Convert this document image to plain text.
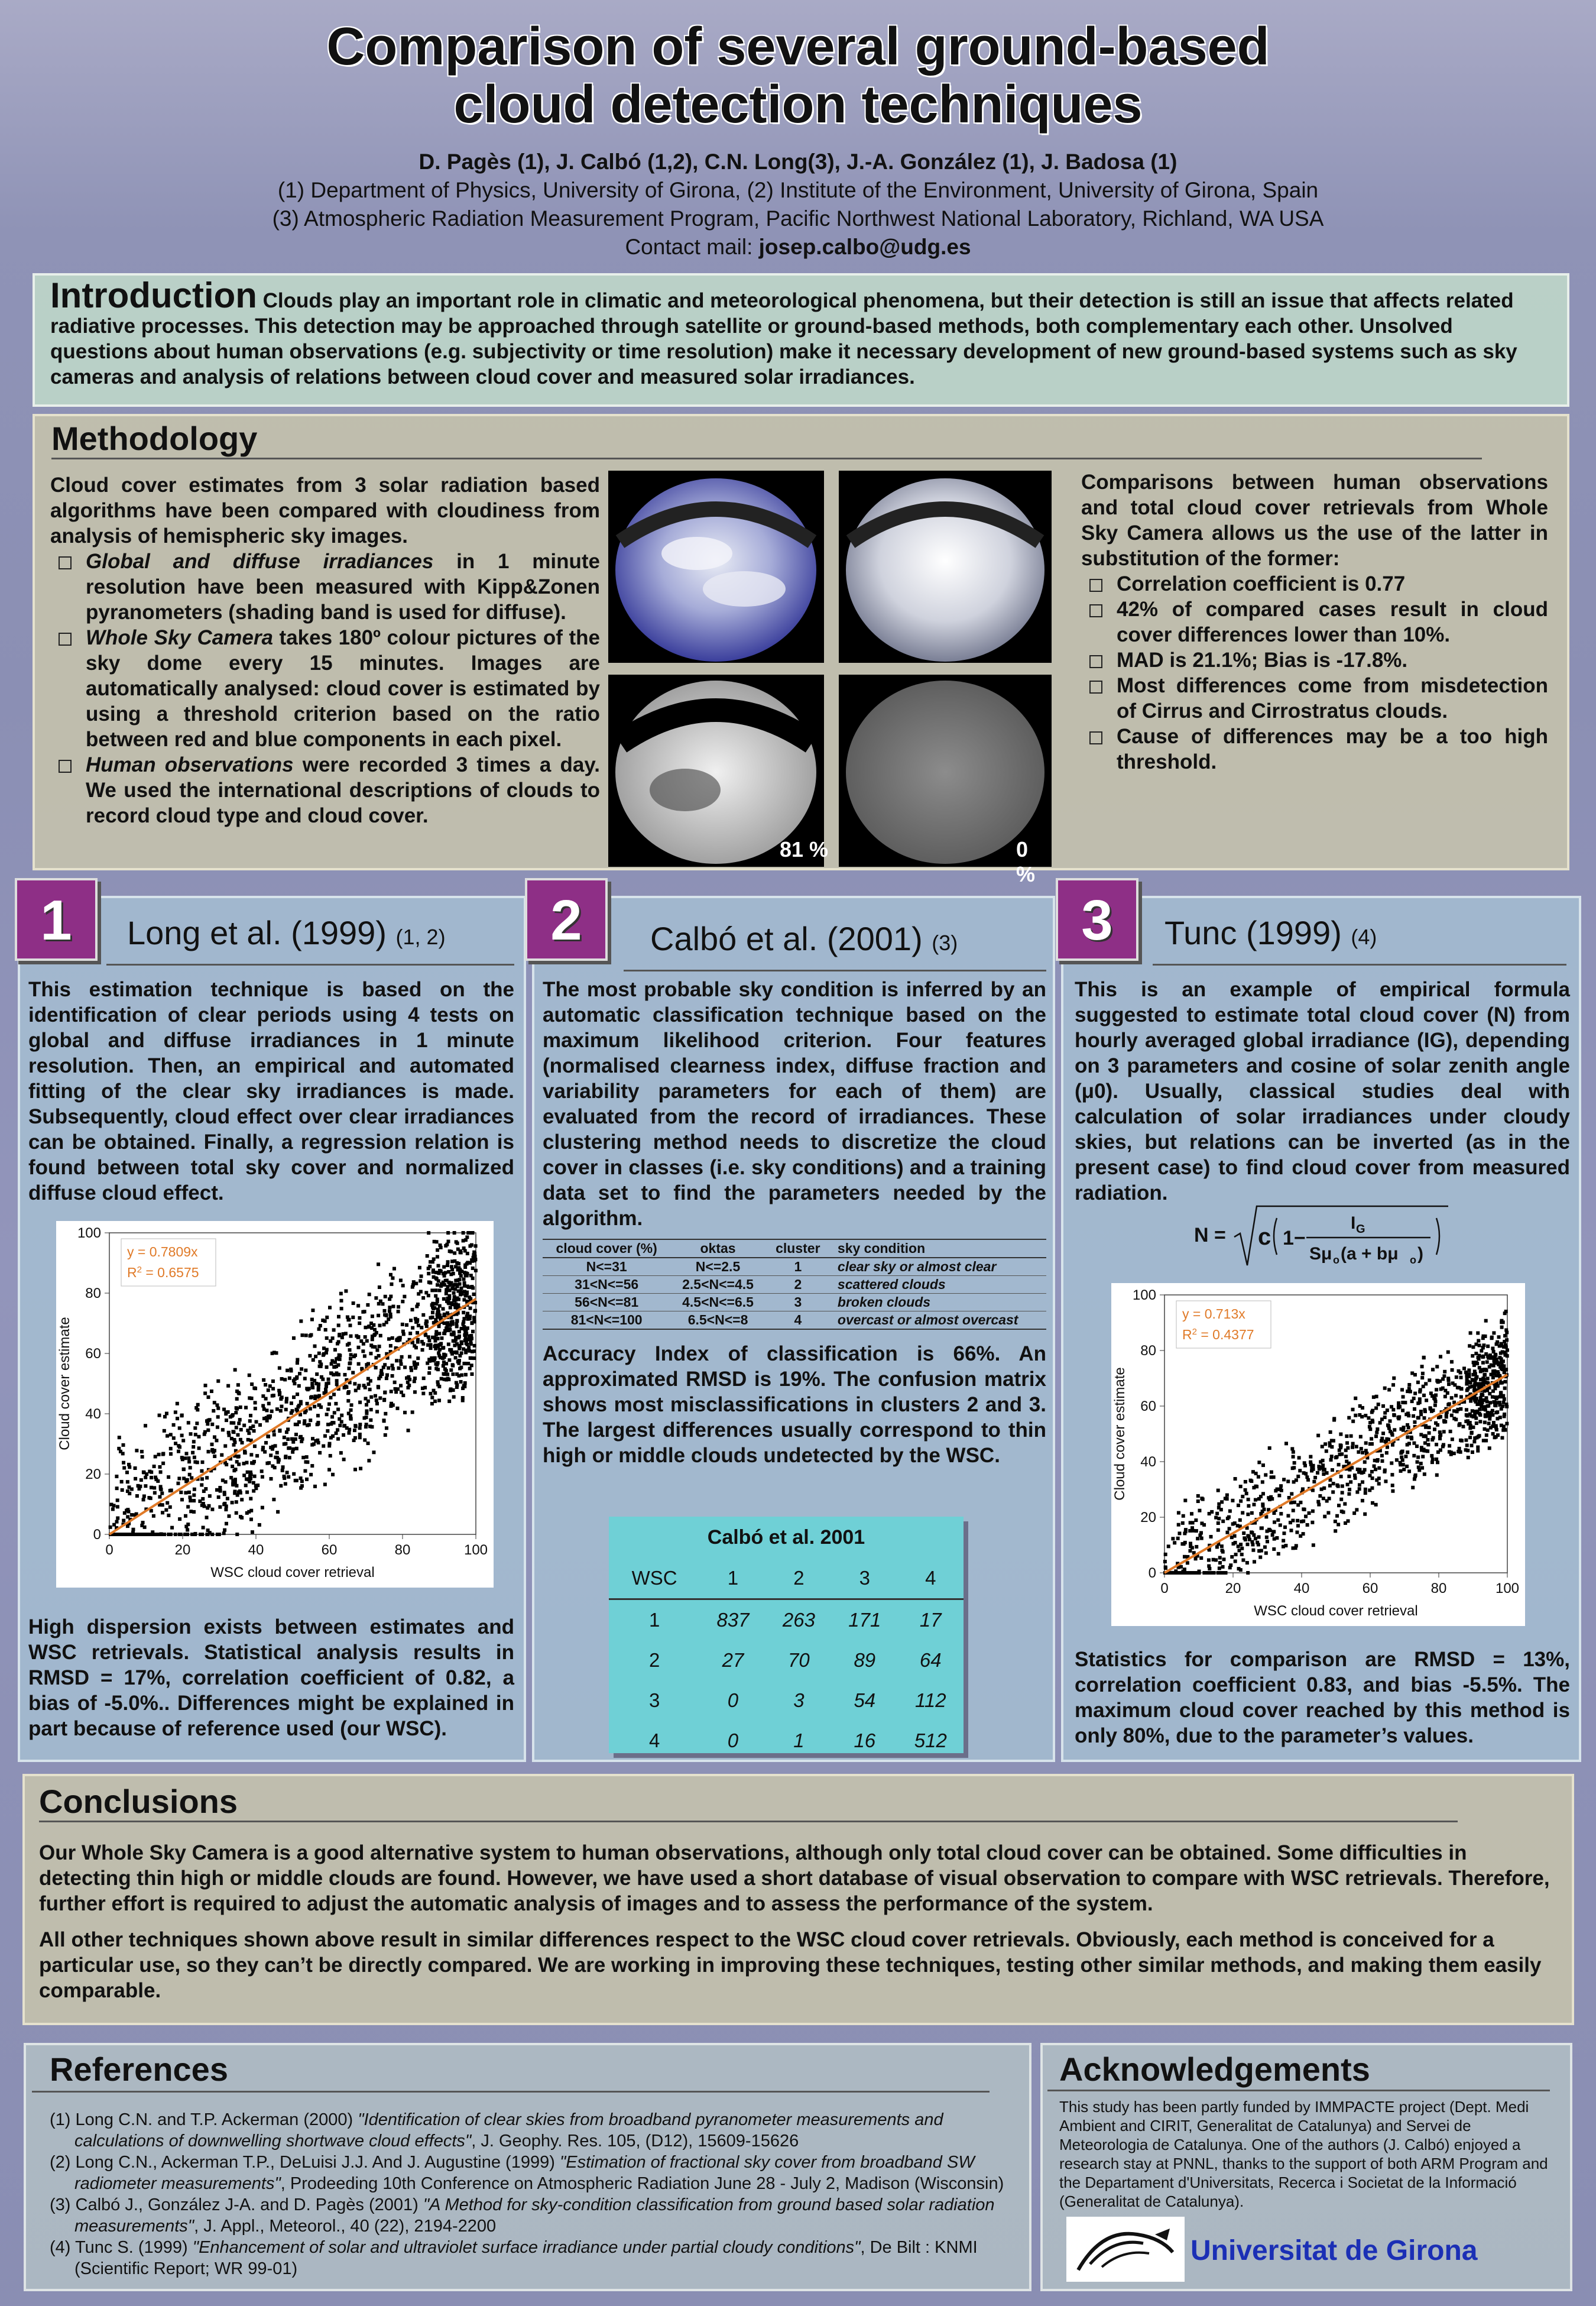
Comparison of several ground-based
cloud detection techniques
D. Pagès (1), J. Calbó (1,2), C.N. Long(3), J.-A. González (1), J. Badosa (1)
(1) Department of Physics, University of Girona, (2) Institute of the Environment, University of Girona, Spain
(3) Atmospheric Radiation Measurement Program, Pacific Northwest National Laboratory, Richland, WA USA
Contact mail: josep.calbo@udg.es
Introduction Clouds play an important role in climatic and meteorological phenomena, but their detection is still an issue that affects related radiative processes. This detection may be approached through satellite or ground-based methods, both complementary each other. Unsolved questions about human observations (e.g. subjectivity or time resolution) make it necessary development of new ground-based systems such as sky cameras and analysis of relations between cloud cover and measured solar irradiances.
Methodology
Cloud cover estimates from 3 solar radiation based algorithms have been compared with cloudiness from analysis of hemispheric sky images.
Global and diffuse irradiances in 1 minute resolution have been measured with Kipp&Zonen pyranometers (shading band is used for diffuse).
Whole Sky Camera takes 180º colour pictures of the sky dome every 15 minutes. Images are automatically analysed: cloud cover is estimated by using a threshold criterion based on the ratio between red and blue components in each pixel.
Human observations were recorded 3 times a day. We used the international descriptions of clouds to record cloud type and cloud cover.
81 %	0 %
Comparisons between human observations and total cloud cover retrievals from Whole Sky Camera allows us the use of the latter in substitution of the former:
Correlation coefficient is 0.77
42% of compared cases result in cloud cover differences lower than 10%.
MAD is 21.1%; Bias is -17.8%.
Most differences come from misdetection of Cirrus and Cirrostratus clouds.
Cause of differences may be a too high threshold.
1	Long et al. (1999) (1, 2)
This estimation technique is based on the identification of clear periods using 4 tests on global and diffuse irradiances in 1 minute resolution. Then, an empirical and automated fitting of the clear sky irradiances is made. Subsequently, cloud effect over clear irradiances can be obtained. Finally, a regression relation is found between total sky cover and normalized diffuse cloud effect.
0	20	40	60	80	100
0
20
40
60
80
100
WSC cloud cover retrieval
Cloud cover estimate
y = 0.7809x
$R^2 = 0.6575$
High dispersion exists between estimates and WSC retrievals. Statistical analysis results in RMSD = 17%, correlation coefficient of 0.82, a bias of -5.0%.. Differences might be explained in part because of reference used (our WSC).
2	Calbó et al. (2001) (3)
The most probable sky condition is inferred by an automatic classification technique based on the maximum likelihood criterion. Four features (normalised clearness index, diffuse fraction and variability parameters for each of them) are evaluated from the record of irradiances. These clustering method needs to discretize the cloud cover in classes (i.e. sky conditions) and a training data set to find the parameters needed by the algorithm.
cloud cover (%)	oktas	cluster	sky condition
N<=31	N<=2.5	1	clear sky or almost clear
31<N<=56	2.5<N<=4.5	2	scattered clouds
56<N<=81	4.5<N<=6.5	3	broken clouds
81<N<=100	6.5<N<=8	4	overcast or almost overcast
Accuracy Index of classification is 66%. An approximated RMSD is 19%. The confusion matrix shows most misclassifications in clusters 2 and 3. The largest differences usually correspond to thin high or middle clouds undetected by the WSC.
Calbó et al. 2001
WSC	1	2	3	4
1	837	263	171	17
2	27	70	89	64
3	0	3	54	112
4	0	1	16	512
3	Tunc (1999) (4)
This is an example of empirical formula suggested to estimate total cloud cover (N) from hourly averaged global irradiance (IG), depending on 3 parameters and cosine of solar zenith angle (μ0). Usually, classical studies deal with calculation of solar irradiances under cloudy skies, but relations can be inverted (as in the present case) to find cloud cover from measured radiation.
N = c 1−
I G
Sμ o (a + bμ o )
0	20	40	60	80	100
0
20
40
60
80
100
WSC cloud cover retrieval
Cloud cover estimate
y = 0.713x
$R^2 = 0.4377$
Statistics for comparison are RMSD = 13%, correlation coefficient 0.83, and bias -5.5%. The maximum cloud cover reached by this method is only 80%, due to the parameter’s values.
Conclusions
Our Whole Sky Camera is a good alternative system to human observations, although only total cloud cover can be obtained. Some difficulties in detecting thin high or middle clouds are found. However, we have used a short database of visual observation to compare with WSC retrievals. Therefore, further effort is required to adjust the automatic analysis of images and to assess the performance of the system.
All other techniques shown above result in similar differences respect to the WSC cloud cover retrievals. Obviously, each method is conceived for a particular use, so they can’t be directly compared. We are working in improving these techniques, testing other similar methods, and making them easily comparable.
References
(1) Long C.N. and T.P. Ackerman (2000) "Identification of clear skies from broadband pyranometer measurements and calculations of downwelling shortwave cloud effects", J. Geophy. Res. 105, (D12), 15609-15626
(2) Long C.N., Ackerman T.P., DeLuisi J.J. And J. Augustine (1999) "Estimation of fractional sky cover from broadband SW radiometer measurements", Prodeeding 10th Conference on Atmospheric Radiation June 28 - July 2, Madison (Wisconsin)
(3) Calbó J., González J-A. and D. Pagès (2001) "A Method for sky-condition classification from ground based solar radiation measurements", J. Appl., Meteorol., 40 (22), 2194-2200
(4) Tunc S. (1999) "Enhancement of solar and ultraviolet surface irradiance under partial cloudy conditions", De Bilt : KNMI (Scientific Report; WR 99-01)
Acknowledgements
This study has been partly funded by IMMPACTE project (Dept. Medi Ambient and CIRIT, Generalitat de Catalunya) and Servei de Meteorologia de Catalunya. One of the authors (J. Calbó) enjoyed a research stay at PNNL, thanks to the support of both ARM Program and the Departament d'Universitats, Recerca i Societat de la Informació (Generalitat de Catalunya).
Universitat de Girona
